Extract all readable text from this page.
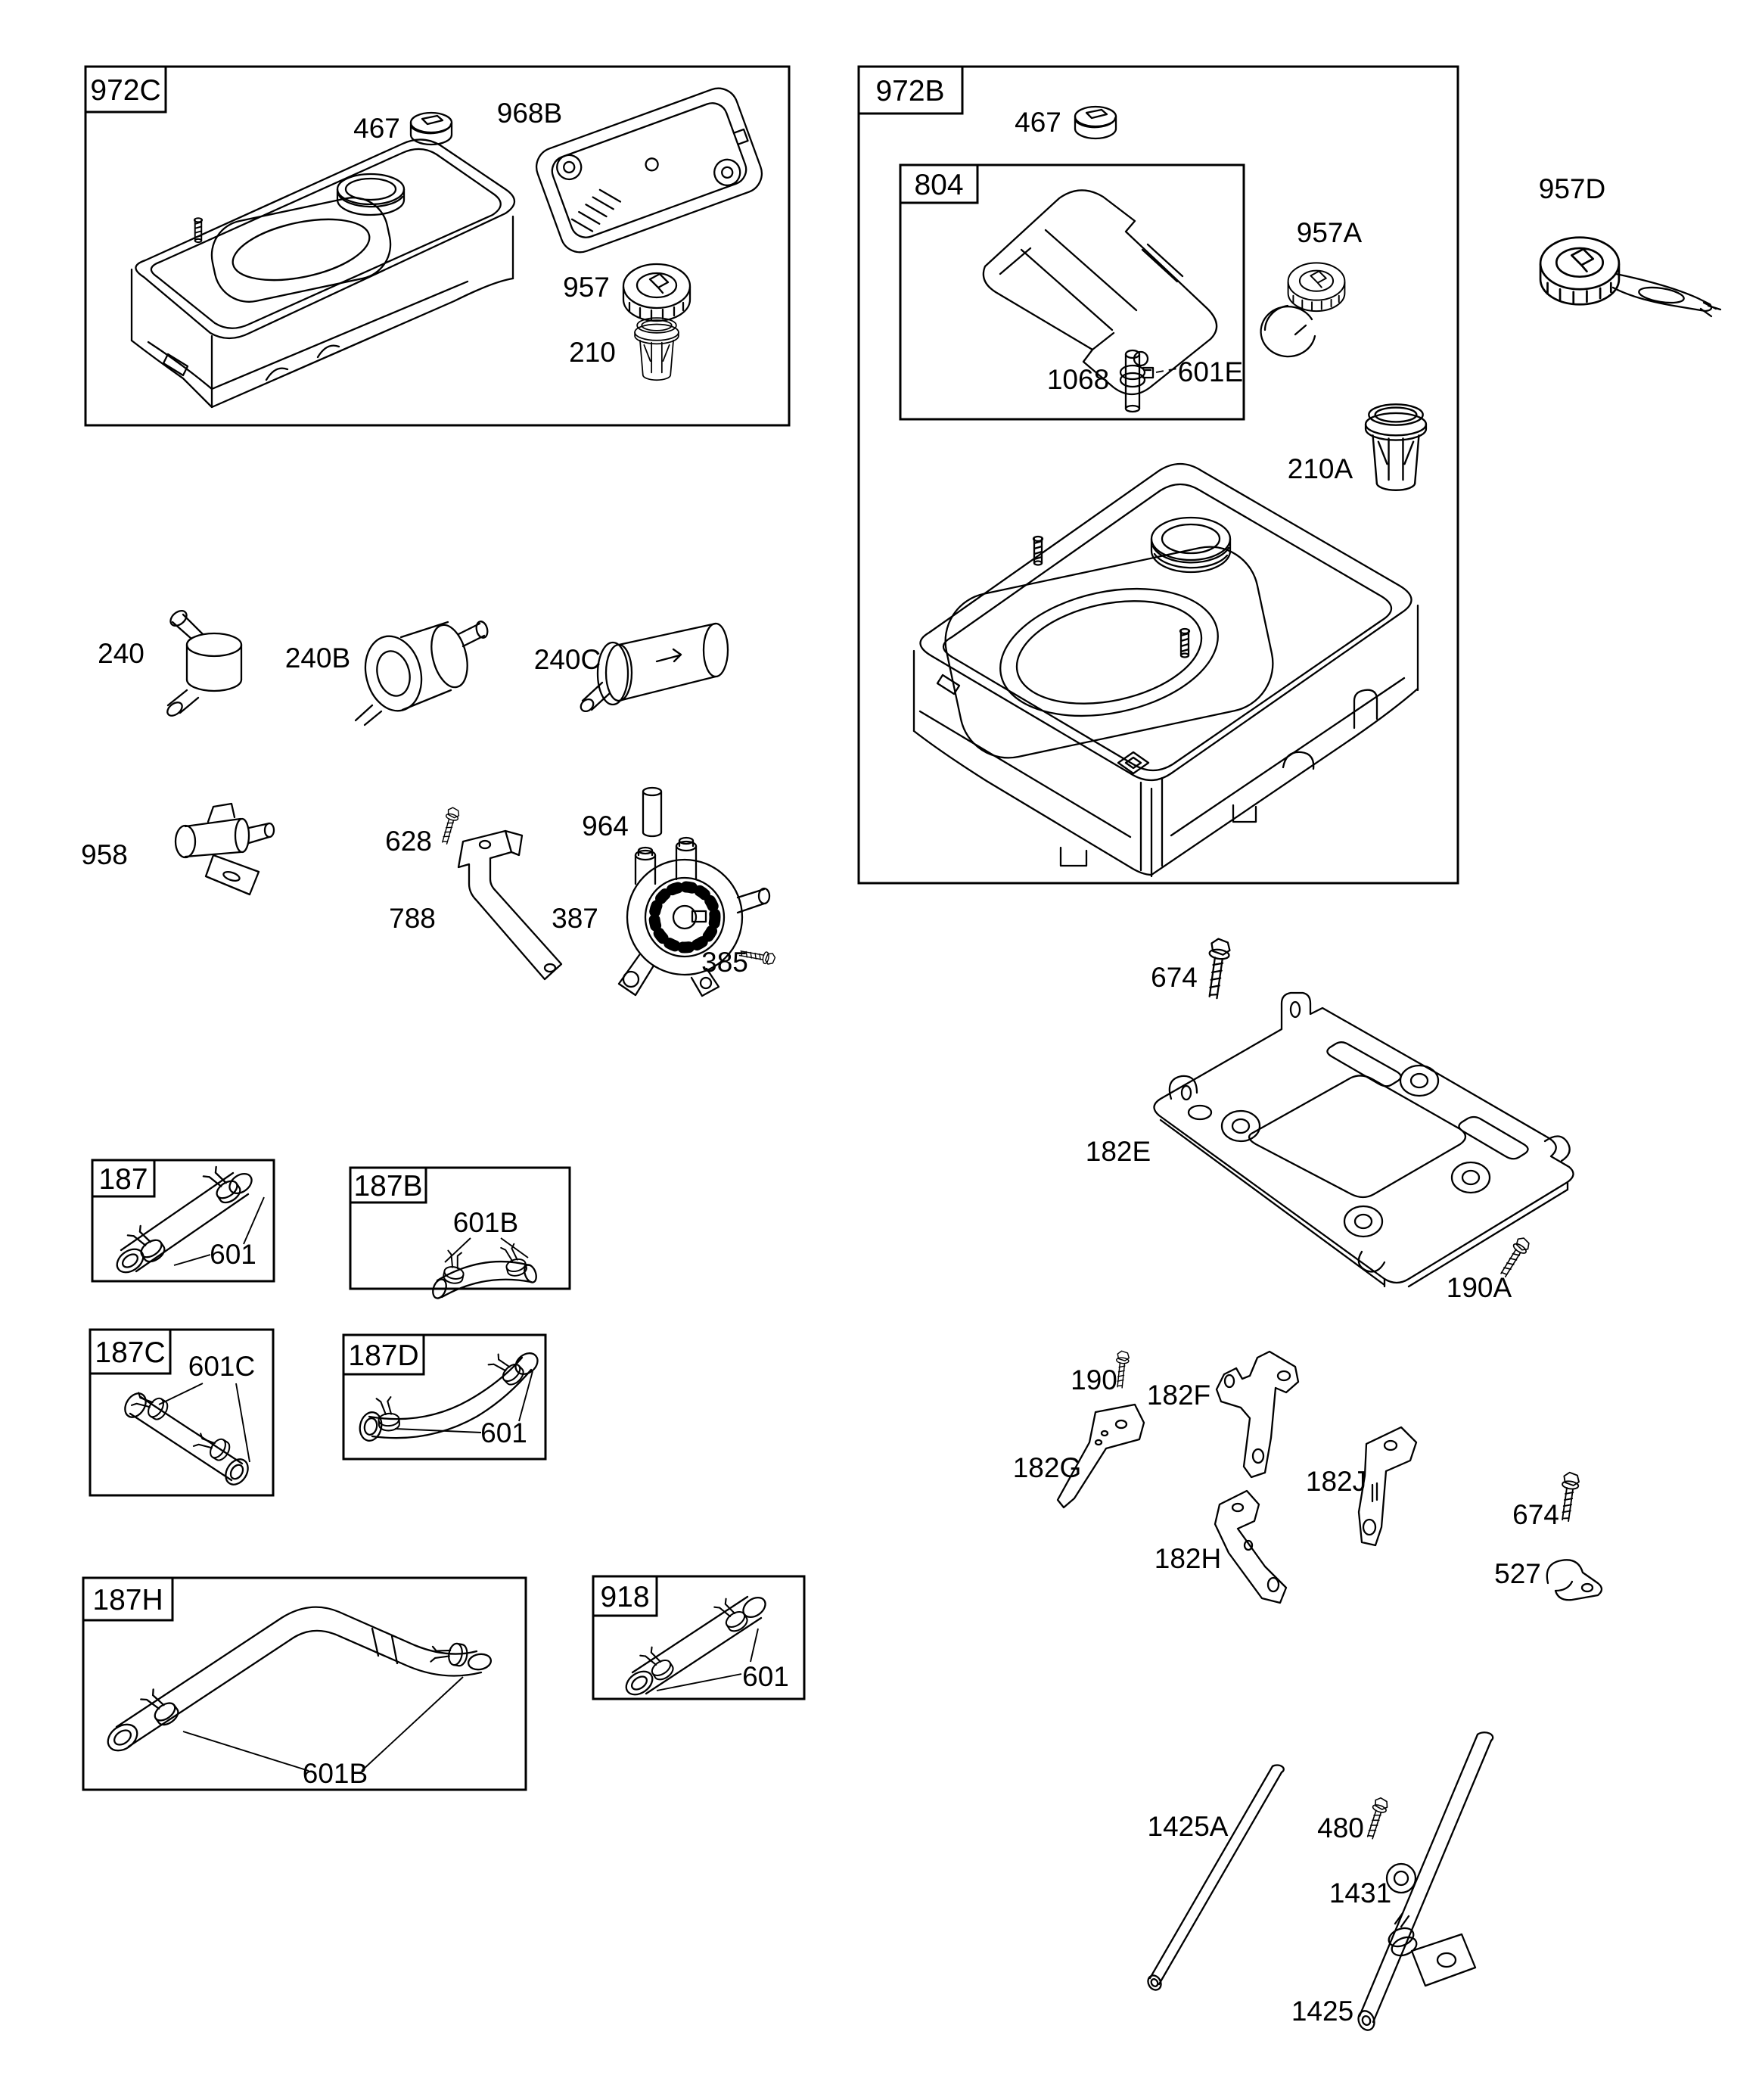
972C	972B
804
187	187B
187C	187D
187H	918
467	968B
957
210
467
1068 601E
957A
957D
210A
240	240B	240C
958	628	964
788	387
385	674
182E
190A
601
601B
601C
601
601B
601
190 182F
182G	182J
182H
674
527
1425A	480
1431
1425
